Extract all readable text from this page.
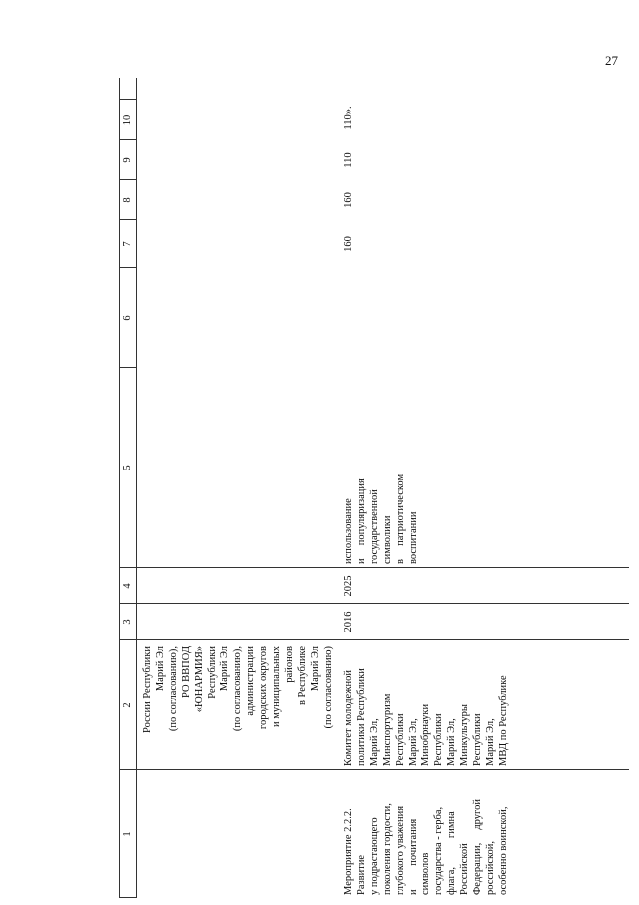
27
1
2
3
4
5
6
7
8
9
10
России Республики
Марий Эл
(по согласованию),
РО ВВПОД
«ЮНАРМИЯ»
Республики
Марий Эл
(по согласованию),
администрации
городских округов
и муниципальных
районов
в Республике
Марий Эл
(по согласованию)
Мероприятие 2.2.2.
Развитие
у подрастающего
поколения гордости,
глубокого уважения
и         почитания
символов
государства - герба,
флага,           гимна
Российской
Федерации,     другой
российской,
особенно воинской,
Комитет молодежной
политики Республики
Марий Эл,
Минспортуризм
Республики
Марий Эл,
Минобрнауки
Республики
Марий Эл,
Минкультуры
Республики
Марий Эл,
МВД по Республике
2016
2025
использование
и     популяризация
государственной
символики
в     патриотическом
воспитании
160
160
110
110».
